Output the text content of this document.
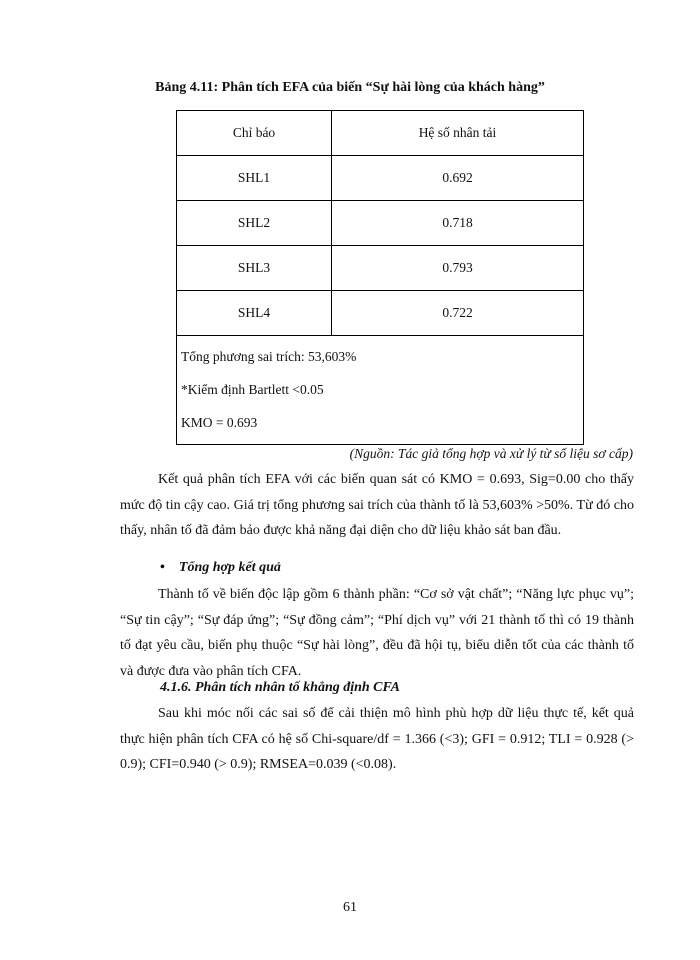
Bảng 4.11: Phân tích EFA của biến “Sự hài lòng của khách hàng”
Chỉ báo	Hệ số nhân tải
SHL1	0.692
SHL2	0.718
SHL3	0.793
SHL4	0.722

Tổng phương sai trích: 53,603%
*Kiểm định Bartlett <0.05
KMO = 0.693	
(Nguồn: Tác giả tổng hợp và xử lý từ số liệu sơ cấp)

Kết quả phân tích EFA với các biến quan sát có KMO = 0.693, Sig=0.00 cho thấy mức độ tin cậy cao. Giá trị tổng phương sai trích của thành tố là 53,603% >50%. Từ đó cho thấy, nhân tố đã đảm bảo được khả năng đại diện cho dữ liệu khảo sát ban đầu.

• Tổng hợp kết quả

Thành tố về biến độc lập gồm 6 thành phần: “Cơ sở vật chất”; “Năng lực phục vụ”; “Sự tin cậy”; “Sự đáp ứng”; “Sự đồng cảm”; “Phí dịch vụ” với 21 thành tố thì có 19 thành tố đạt yêu cầu, biến phụ thuộc “Sự hài lòng”, đều đã hội tụ, biểu diễn tốt của các thành tố và được đưa vào phân tích CFA.

4.1.6. Phân tích nhân tố khẳng định CFA

Sau khi móc nối các sai số để cải thiện mô hình phù hợp dữ liệu thực tế, kết quả thực hiện phân tích CFA có hệ số Chi-square/df = 1.366 (<3); GFI = 0.912; TLI = 0.928 (> 0.9); CFI=0.940 (> 0.9); RMSEA=0.039 (<0.08).

61
